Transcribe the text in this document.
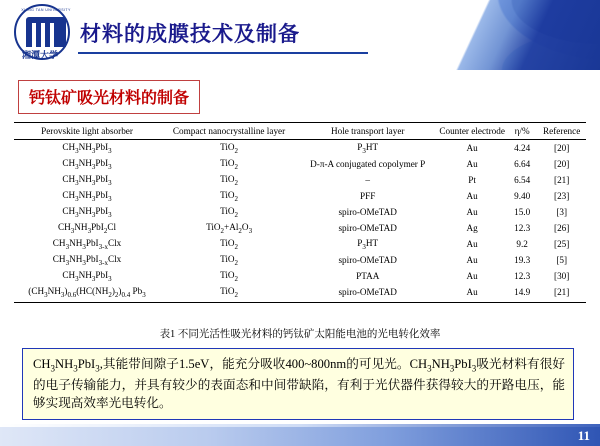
XIANG TAN UNIVERSITY
湘潭大学
材料的成膜技术及制备
钙钛矿吸光材料的制备
Perovskite light absorber	Compact nanocrystalline layer	Hole transport layer	Counter electrode	η/%	Reference
$CH_3NH_3PbI_3$	TiO$_2$	$P_3HT$	Au	4.24	[20]
$CH_3NH_3PbI_3$	TiO$_2$	D-π-A conjugated copolymer P	Au	6.64	[20]
$CH_3NH_3PbI_3$	TiO$_2$	–	Pt	6.54	[21]
$CH_3NH_3PbI_3$	TiO$_2$	PFF	Au	9.40	[23]
$CH_3NH_3PbI_3$	TiO$_2$	spiro-OMeTAD	Au	15.0	[3]
$CH_3NH_3PbI_2Cl$	$TiO_2+Al_2O_3$	spiro-OMeTAD	Ag	12.3	[26]
$CH_3NH_3PbI_{3-x}Clx$	TiO$_2$	$P_3HT$	Au	9.2	[25]
$CH_3NH_3PbI_{3-x}Clx$	TiO$_2$	spiro-OMeTAD	Au	19.3	[5]
$CH_3NH_3PbI_3$	TiO$_2$	PTAA	Au	12.3	[30]
$(CH_3NH_3)_{0.6}(HC(NH_2)_2)_{0.4}$ $Pb_3$	TiO$_2$	spiro-OMeTAD	Au	14.9	[21]
表1 不同光活性吸光材料的钙钛矿太阳能电池的光电转化效率
$CH_3NH_3PbI_3$,其能带间隙子1.5eV，能充分吸收400~800nm的可见光。$CH_3NH_3PbI_3$吸光材料有很好的电子传输能力，并具有较少的表面态和中间带缺陷，有利于光伏器件获得较大的开路电压，能够实现高效率光电转化。
11
